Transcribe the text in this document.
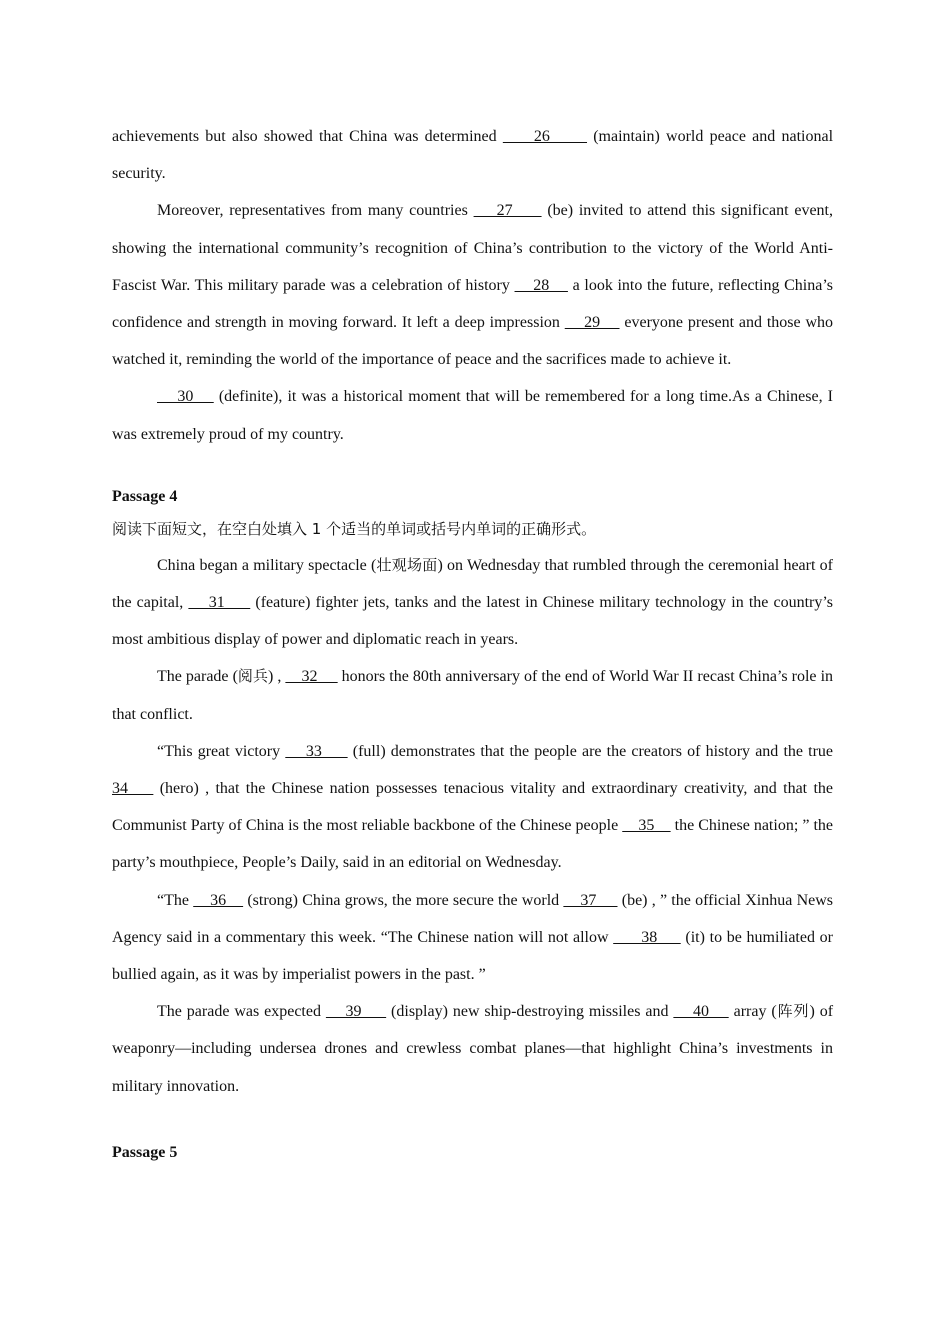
achievements but also showed that China was determined      26       (maintain) world peace and national security.

Moreover, representatives from many countries     27      (be) invited to attend this significant event, showing the international community’s recognition of China’s contribution to the victory of the World Anti-Fascist War. This military parade was a celebration of history     28     a look into the future, reflecting China’s confidence and strength in moving forward. It left a deep impression     29     everyone present and those who watched it, reminding the world of the importance of peace and the sacrifices made to achieve it.

30     (definite), it was a historical moment that will be remembered for a long time.As a Chinese, I was extremely proud of my country.

Passage 4

阅读下面短文，在空白处填入 1 个适当的单词或括号内单词的正确形式。

China began a military spectacle (壮观场面) on Wednesday that rumbled through the ceremonial heart of the capital,     31      (feature) fighter jets, tanks and the latest in Chinese military technology in the country’s most ambitious display of power and diplomatic reach in years.

The parade (阅兵) ,     32      honors the 80th anniversary of the end of World War II recast China’s role in that conflict.

“This great victory     33      (full) demonstrates that the people are the creators of history and the true 34     (hero) , that the Chinese nation possesses tenacious vitality and extraordinary creativity, and that the Communist Party of China is the most reliable backbone of the Chinese people     35     the Chinese nation; ” the party’s mouthpiece, People’s Daily, said in an editorial on Wednesday.

“The     36     (strong) China grows, the more secure the world     37      (be) , ” the official Xinhua News Agency said in a commentary this week. “The Chinese nation will not allow       38      (it) to be humiliated or bullied again, as it was by imperialist powers in the past. ”

The parade was expected     39      (display) new ship-destroying missiles and     40     array (阵列) of weaponry—including undersea drones and crewless combat planes—that highlight China’s investments in military innovation.

Passage 5
